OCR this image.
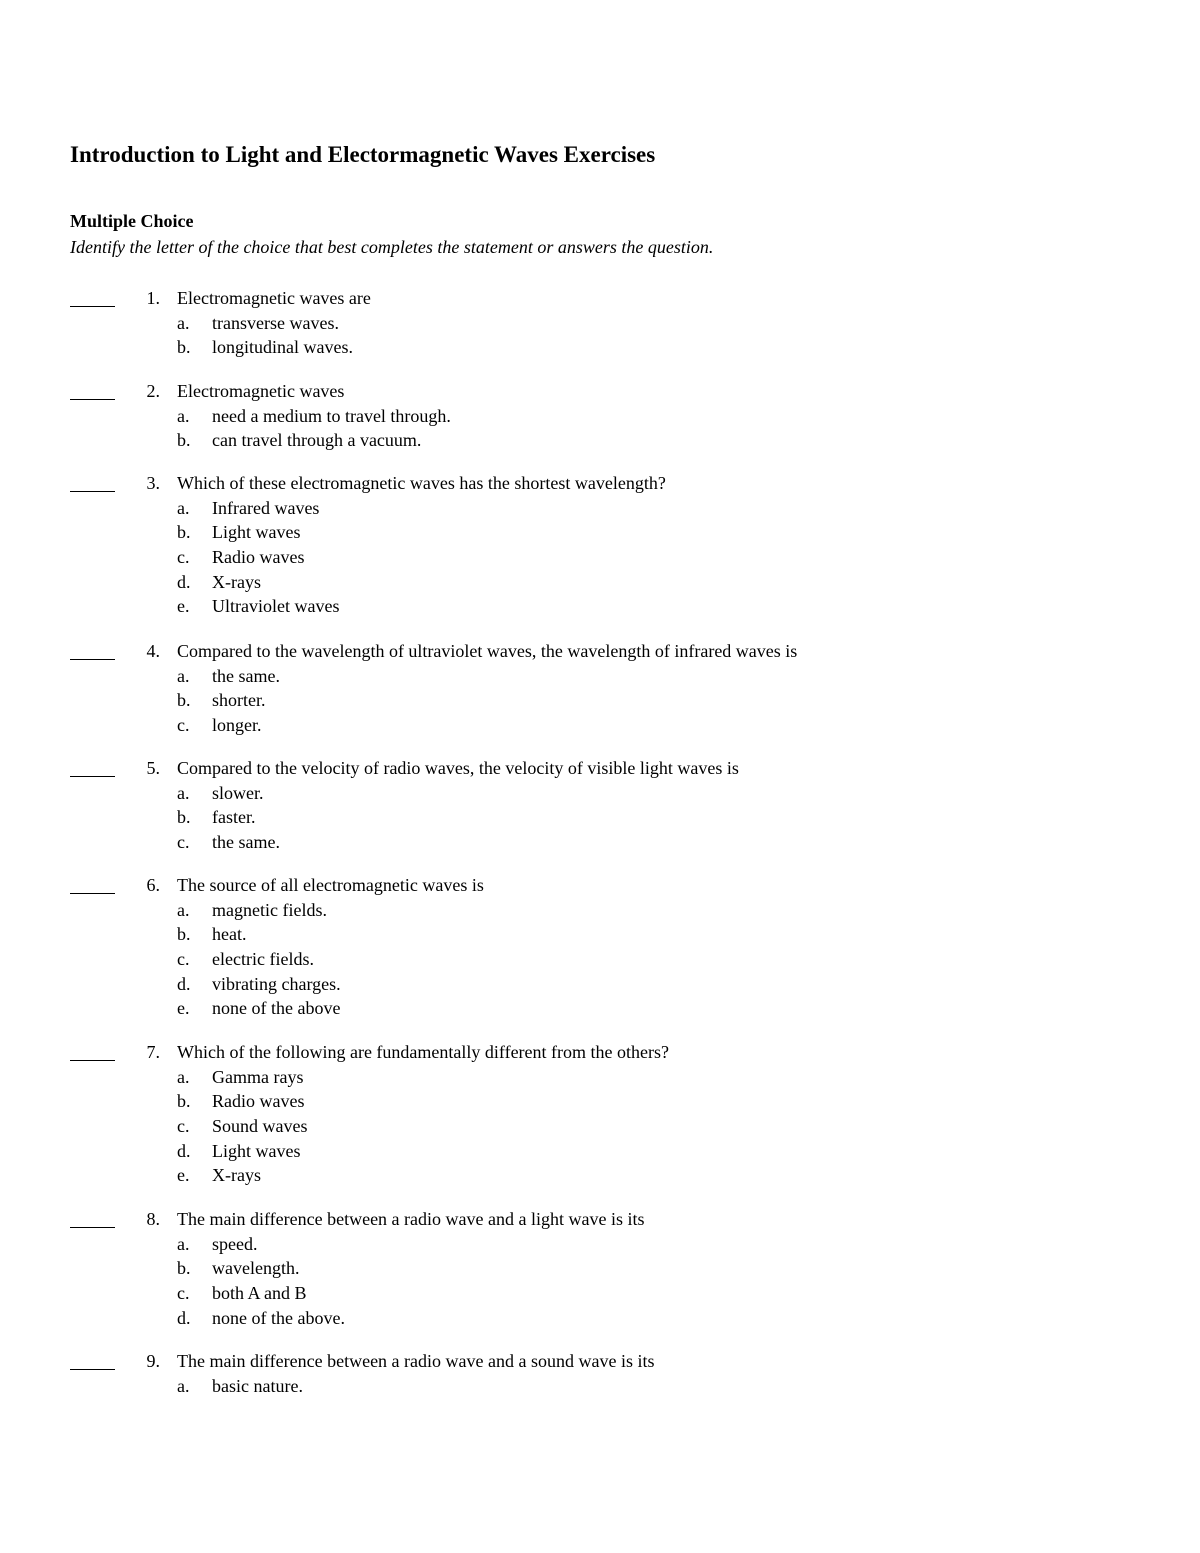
Introduction to Light and Electormagnetic Waves Exercises
Multiple Choice
Identify the letter of the choice that best completes the statement or answers the question.
1. Electromagnetic waves are
a. transverse waves.
b. longitudinal waves.
2. Electromagnetic waves
a. need a medium to travel through.
b. can travel through a vacuum.
3. Which of these electromagnetic waves has the shortest wavelength?
a. Infrared waves
b. Light waves
c. Radio waves
d. X-rays
e. Ultraviolet waves
4. Compared to the wavelength of ultraviolet waves, the wavelength of infrared waves is
a. the same.
b. shorter.
c. longer.
5. Compared to the velocity of radio waves, the velocity of visible light waves is
a. slower.
b. faster.
c. the same.
6. The source of all electromagnetic waves is
a. magnetic fields.
b. heat.
c. electric fields.
d. vibrating charges.
e. none of the above
7. Which of the following are fundamentally different from the others?
a. Gamma rays
b. Radio waves
c. Sound waves
d. Light waves
e. X-rays
8. The main difference between a radio wave and a light wave is its
a. speed.
b. wavelength.
c. both A and B
d. none of the above.
9. The main difference between a radio wave and a sound wave is its
a. basic nature.
